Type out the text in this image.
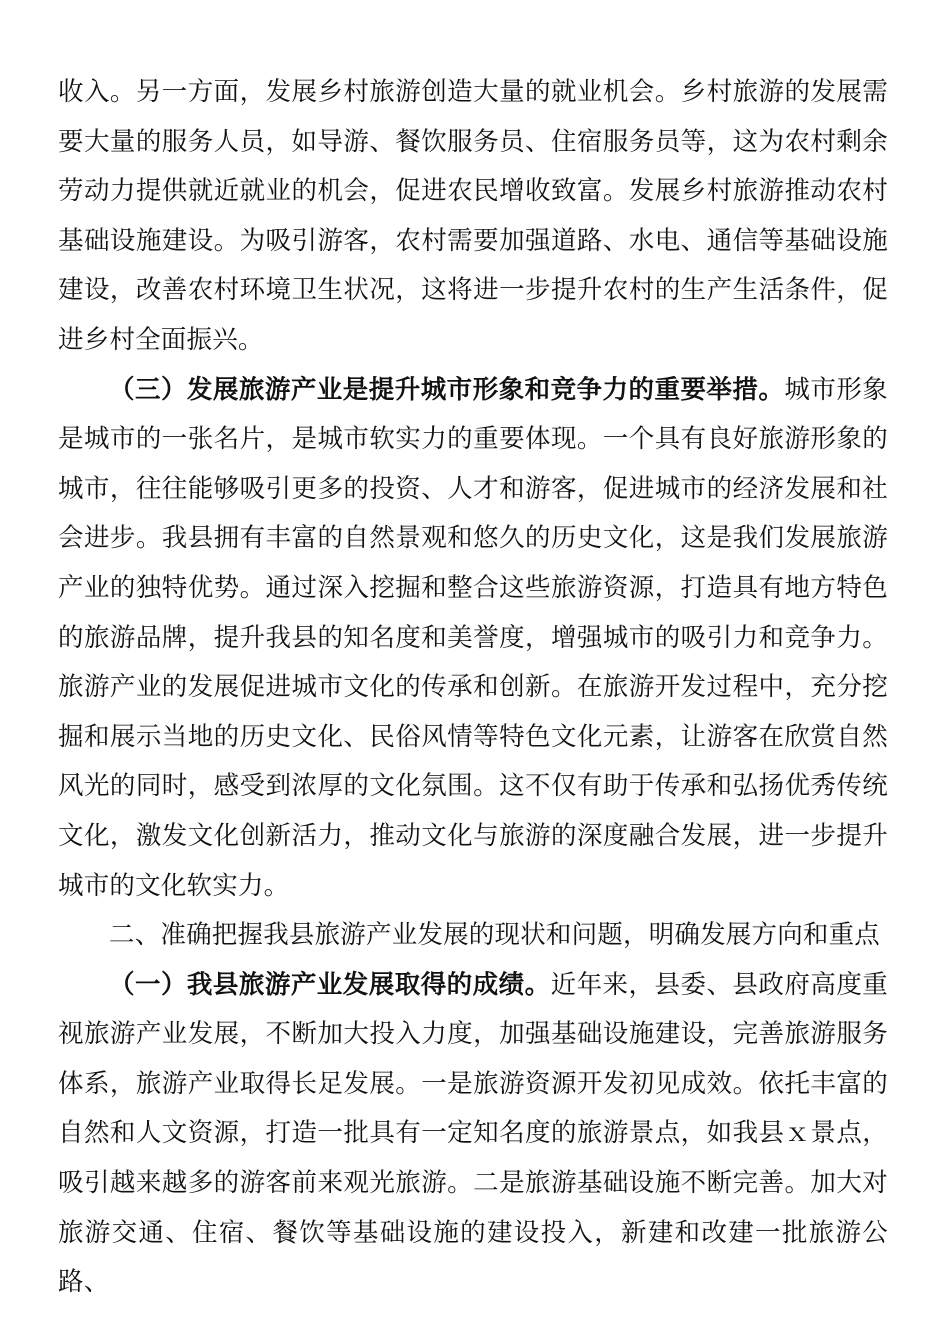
收入。另一方面，发展乡村旅游创造大量的就业机会。乡村旅游的发展需要大量的服务人员，如导游、餐饮服务员、住宿服务员等，这为农村剩余劳动力提供就近就业的机会，促进农民增收致富。发展乡村旅游推动农村基础设施建设。为吸引游客，农村需要加强道路、水电、通信等基础设施建设，改善农村环境卫生状况，这将进一步提升农村的生产生活条件，促进乡村全面振兴。

（三）发展旅游产业是提升城市形象和竞争力的重要举措。城市形象是城市的一张名片，是城市软实力的重要体现。一个具有良好旅游形象的城市，往往能够吸引更多的投资、人才和游客，促进城市的经济发展和社会进步。我县拥有丰富的自然景观和悠久的历史文化，这是我们发展旅游产业的独特优势。通过深入挖掘和整合这些旅游资源，打造具有地方特色的旅游品牌，提升我县的知名度和美誉度，增强城市的吸引力和竞争力。旅游产业的发展促进城市文化的传承和创新。在旅游开发过程中，充分挖掘和展示当地的历史文化、民俗风情等特色文化元素，让游客在欣赏自然风光的同时，感受到浓厚的文化氛围。这不仅有助于传承和弘扬优秀传统文化，激发文化创新活力，推动文化与旅游的深度融合发展，进一步提升城市的文化软实力。

二、准确把握我县旅游产业发展的现状和问题，明确发展方向和重点

（一）我县旅游产业发展取得的成绩。近年来，县委、县政府高度重视旅游产业发展，不断加大投入力度，加强基础设施建设，完善旅游服务体系，旅游产业取得长足发展。一是旅游资源开发初见成效。依托丰富的自然和人文资源，打造一批具有一定知名度的旅游景点，如我县ｘ景点，吸引越来越多的游客前来观光旅游。二是旅游基础设施不断完善。加大对旅游交通、住宿、餐饮等基础设施的建设投入，新建和改建一批旅游公路、
